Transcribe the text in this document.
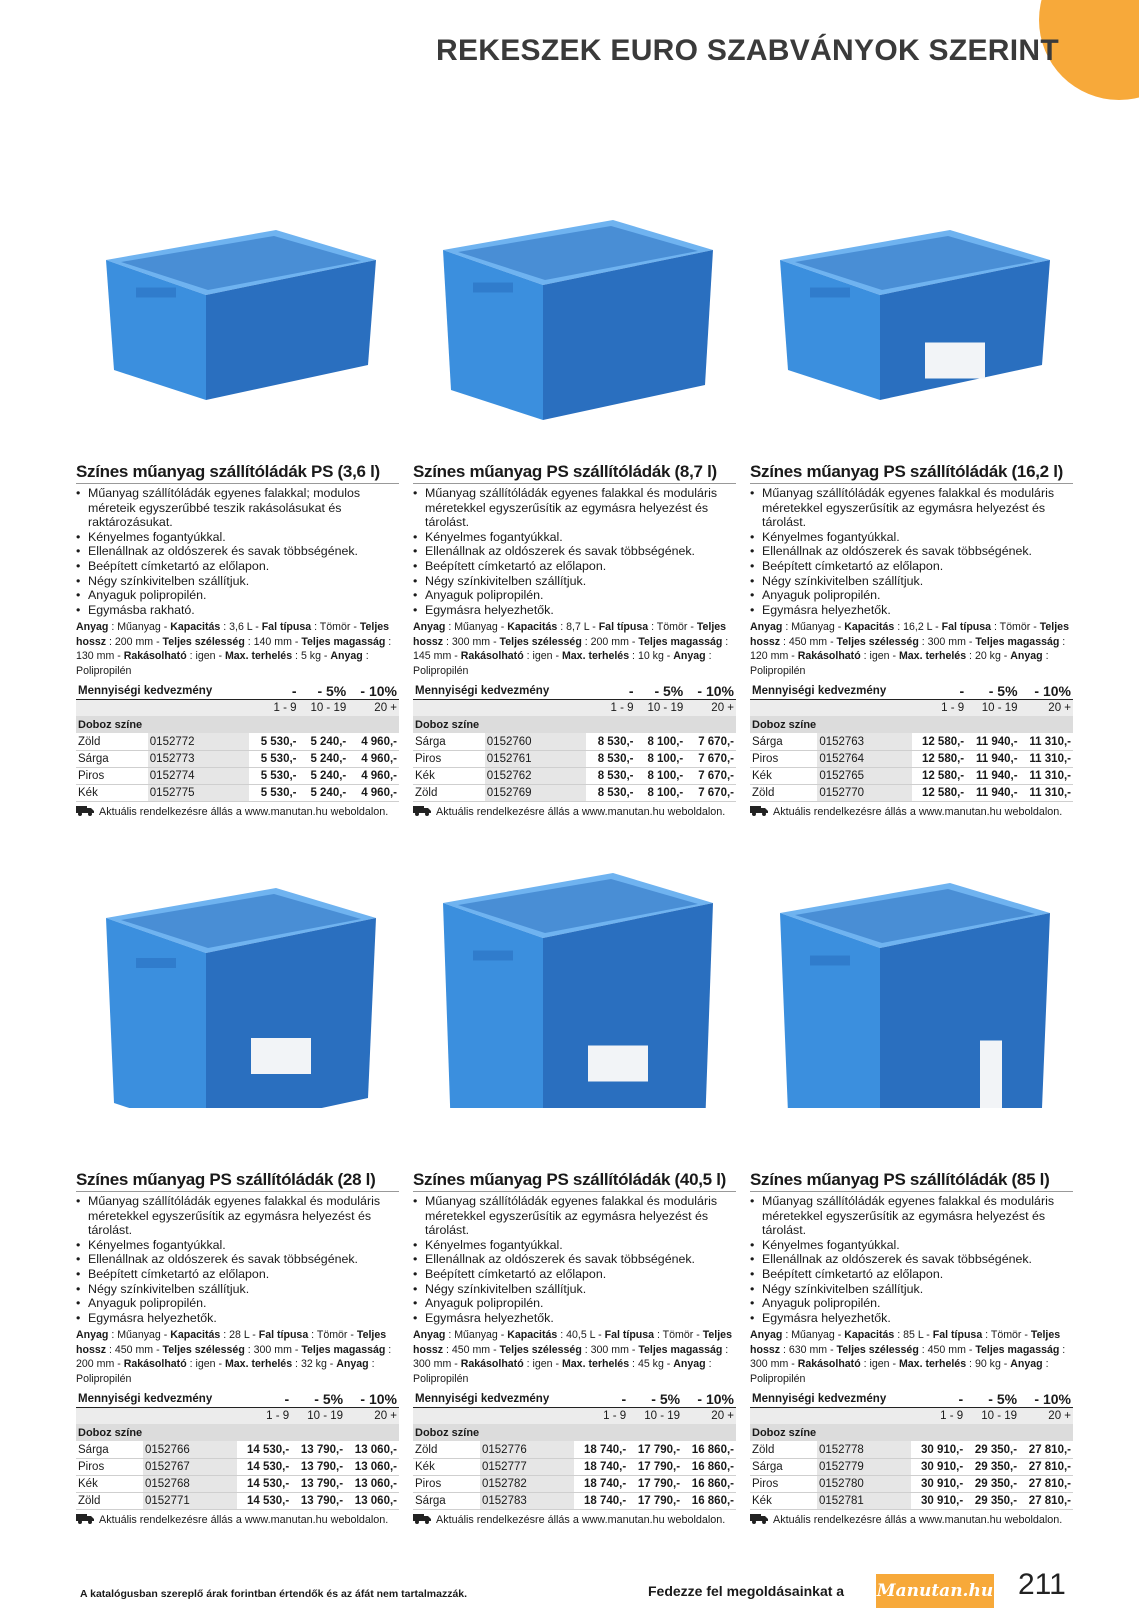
REKESZEK EURO SZABVÁNYOK SZERINT
Színes műanyag szállítóládák PS (3,6 l)
• Műanyag szállítóládák egyenes falakkal; modulos méreteik egyszerűbbé teszik rakásolásukat és raktározásukat.
• Kényelmes fogantyúkkal.
• Ellenállnak az oldószerek és savak többségének.
• Beépített címketartó az előlapon.
• Négy színkivitelben szállítjuk.
• Anyaguk polipropilén.
• Egymásba rakható.
Anyag : Műanyag - Kapacitás : 3,6 L - Fal típusa : Tömör - Teljes hossz : 200 mm - Teljes szélesség : 140 mm - Teljes magasság : 130 mm - Rakásolható : igen - Max. terhelés : 5 kg - Anyag : Polipropilén
Mennyiségi kedvezmény		-	- 5%	- 10%
		1 - 9	10 - 19	20 +
Doboz színe				
Zöld	0152772	5 530,-	5 240,-	4 960,-
Sárga	0152773	5 530,-	5 240,-	4 960,-
Piros	0152774	5 530,-	5 240,-	4 960,-
Kék	0152775	5 530,-	5 240,-	4 960,-
Aktuális rendelkezésre állás a www.manutan.hu weboldalon.
Színes műanyag PS szállítóládák (8,7 l)
• Műanyag szállítóládák egyenes falakkal és moduláris méretekkel egyszerűsítik az egymásra helyezést és tárolást.
• Kényelmes fogantyúkkal.
• Ellenállnak az oldószerek és savak többségének.
• Beépített címketartó az előlapon.
• Négy színkivitelben szállítjuk.
• Anyaguk polipropilén.
• Egymásra helyezhetők.
Anyag : Műanyag - Kapacitás : 8,7 L - Fal típusa : Tömör - Teljes hossz : 300 mm - Teljes szélesség : 200 mm - Teljes magasság : 145 mm - Rakásolható : igen - Max. terhelés : 10 kg - Anyag : Polipropilén
Mennyiségi kedvezmény		-	- 5%	- 10%
		1 - 9	10 - 19	20 +
Doboz színe				
Sárga	0152760	8 530,-	8 100,-	7 670,-
Piros	0152761	8 530,-	8 100,-	7 670,-
Kék	0152762	8 530,-	8 100,-	7 670,-
Zöld	0152769	8 530,-	8 100,-	7 670,-
Aktuális rendelkezésre állás a www.manutan.hu weboldalon.
Színes műanyag PS szállítóládák (16,2 l)
• Műanyag szállítóládák egyenes falakkal és moduláris méretekkel egyszerűsítik az egymásra helyezést és tárolást.
• Kényelmes fogantyúkkal.
• Ellenállnak az oldószerek és savak többségének.
• Beépített címketartó az előlapon.
• Négy színkivitelben szállítjuk.
• Anyaguk polipropilén.
• Egymásra helyezhetők.
Anyag : Műanyag - Kapacitás : 16,2 L - Fal típusa : Tömör - Teljes hossz : 450 mm - Teljes szélesség : 300 mm - Teljes magasság : 120 mm - Rakásolható : igen - Max. terhelés : 20 kg - Anyag : Polipropilén
Mennyiségi kedvezmény		-	- 5%	- 10%
		1 - 9	10 - 19	20 +
Doboz színe				
Sárga	0152763	12 580,-	11 940,-	11 310,-
Piros	0152764	12 580,-	11 940,-	11 310,-
Kék	0152765	12 580,-	11 940,-	11 310,-
Zöld	0152770	12 580,-	11 940,-	11 310,-
Aktuális rendelkezésre állás a www.manutan.hu weboldalon.
Színes műanyag PS szállítóládák (28 l)
• Műanyag szállítóládák egyenes falakkal és moduláris méretekkel egyszerűsítik az egymásra helyezést és tárolást.
• Kényelmes fogantyúkkal.
• Ellenállnak az oldószerek és savak többségének.
• Beépített címketartó az előlapon.
• Négy színkivitelben szállítjuk.
• Anyaguk polipropilén.
• Egymásra helyezhetők.
Anyag : Műanyag - Kapacitás : 28 L - Fal típusa : Tömör - Teljes hossz : 450 mm - Teljes szélesség : 300 mm - Teljes magasság : 200 mm - Rakásolható : igen - Max. terhelés : 32 kg - Anyag : Polipropilén
Mennyiségi kedvezmény		-	- 5%	- 10%
		1 - 9	10 - 19	20 +
Doboz színe				
Sárga	0152766	14 530,-	13 790,-	13 060,-
Piros	0152767	14 530,-	13 790,-	13 060,-
Kék	0152768	14 530,-	13 790,-	13 060,-
Zöld	0152771	14 530,-	13 790,-	13 060,-
Aktuális rendelkezésre állás a www.manutan.hu weboldalon.
Színes műanyag PS szállítóládák (40,5 l)
• Műanyag szállítóládák egyenes falakkal és moduláris méretekkel egyszerűsítik az egymásra helyezést és tárolást.
• Kényelmes fogantyúkkal.
• Ellenállnak az oldószerek és savak többségének.
• Beépített címketartó az előlapon.
• Négy színkivitelben szállítjuk.
• Anyaguk polipropilén.
• Egymásra helyezhetők.
Anyag : Műanyag - Kapacitás : 40,5 L - Fal típusa : Tömör - Teljes hossz : 450 mm - Teljes szélesség : 300 mm - Teljes magasság : 300 mm - Rakásolható : igen - Max. terhelés : 45 kg - Anyag : Polipropilén
Mennyiségi kedvezmény		-	- 5%	- 10%
		1 - 9	10 - 19	20 +
Doboz színe				
Zöld	0152776	18 740,-	17 790,-	16 860,-
Kék	0152777	18 740,-	17 790,-	16 860,-
Piros	0152782	18 740,-	17 790,-	16 860,-
Sárga	0152783	18 740,-	17 790,-	16 860,-
Aktuális rendelkezésre állás a www.manutan.hu weboldalon.
Színes műanyag PS szállítóládák (85 l)
• Műanyag szállítóládák egyenes falakkal és moduláris méretekkel egyszerűsítik az egymásra helyezést és tárolást.
• Kényelmes fogantyúkkal.
• Ellenállnak az oldószerek és savak többségének.
• Beépített címketartó az előlapon.
• Négy színkivitelben szállítjuk.
• Anyaguk polipropilén.
• Egymásra helyezhetők.
Anyag : Műanyag - Kapacitás : 85 L - Fal típusa : Tömör - Teljes hossz : 630 mm - Teljes szélesség : 450 mm - Teljes magasság : 300 mm - Rakásolható : igen - Max. terhelés : 90 kg - Anyag : Polipropilén
Mennyiségi kedvezmény		-	- 5%	- 10%
		1 - 9	10 - 19	20 +
Doboz színe				
Zöld	0152778	30 910,-	29 350,-	27 810,-
Sárga	0152779	30 910,-	29 350,-	27 810,-
Piros	0152780	30 910,-	29 350,-	27 810,-
Kék	0152781	30 910,-	29 350,-	27 810,-
Aktuális rendelkezésre állás a www.manutan.hu weboldalon.
A katalógusban szereplő árak forintban értendők és az áfát nem tartalmazzák.	Fedezze fel megoldásainkat a Manutan.hu 211
